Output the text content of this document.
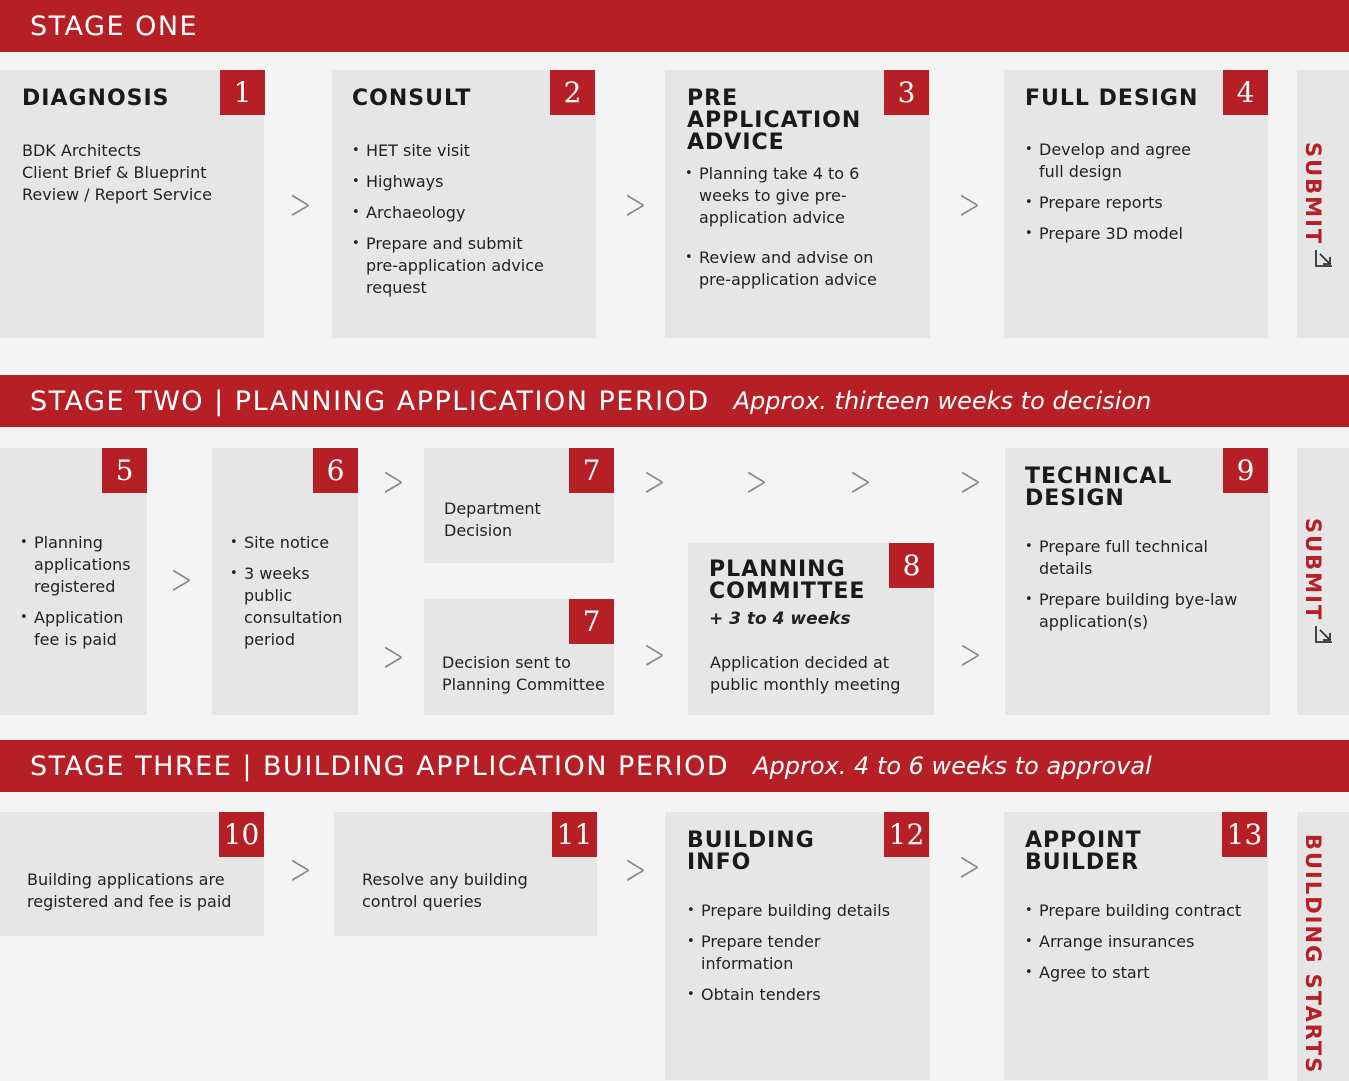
STAGE ONE
DIAGNOSIS	1
BDK Architects
Client Brief & Blueprint
Review / Report Service >
CONSULT	2
• HET site visit
• Highways
• Archaeology
• Prepare and submit pre-application advice request
>
PRE APPLICATION ADVICE
3
• Planning take 4 to 6 weeks to give pre-application advice
• Review and advise on pre-application advice
>
FULL DESIGN	4
• Develop and agree full design
• Prepare reports
• Prepare 3D model	SUBMIT
STAGE TWO | PLANNING APPLICATION PERIOD Approx. thirteen weeks to decision
5
• Planning applications registered
• Application fee is paid
>
6
• Site notice
• 3 weeks public consultation period
>
>
7
Department Decision
7
Decision sent to Planning Committee
> > > >
>	>
PLANNING COMMITTEE
8
+ 3 to 4 weeks
Application decided at public monthly meeting
TECHNICAL DESIGN
9
• Prepare full technical details
• Prepare building bye-law application(s)
SUBMIT
STAGE THREE | BUILDING APPLICATION PERIOD Approx. 4 to 6 weeks to approval
10
Building applications are registered and fee is paid
>
11
Resolve any building control queries
>
BUILDING INFO
12
• Prepare building details
• Prepare tender information
• Obtain tenders
>
APPOINT BUILDER
13
• Prepare building contract
• Arrange insurances
• Agree to start	BUILDING STARTS
